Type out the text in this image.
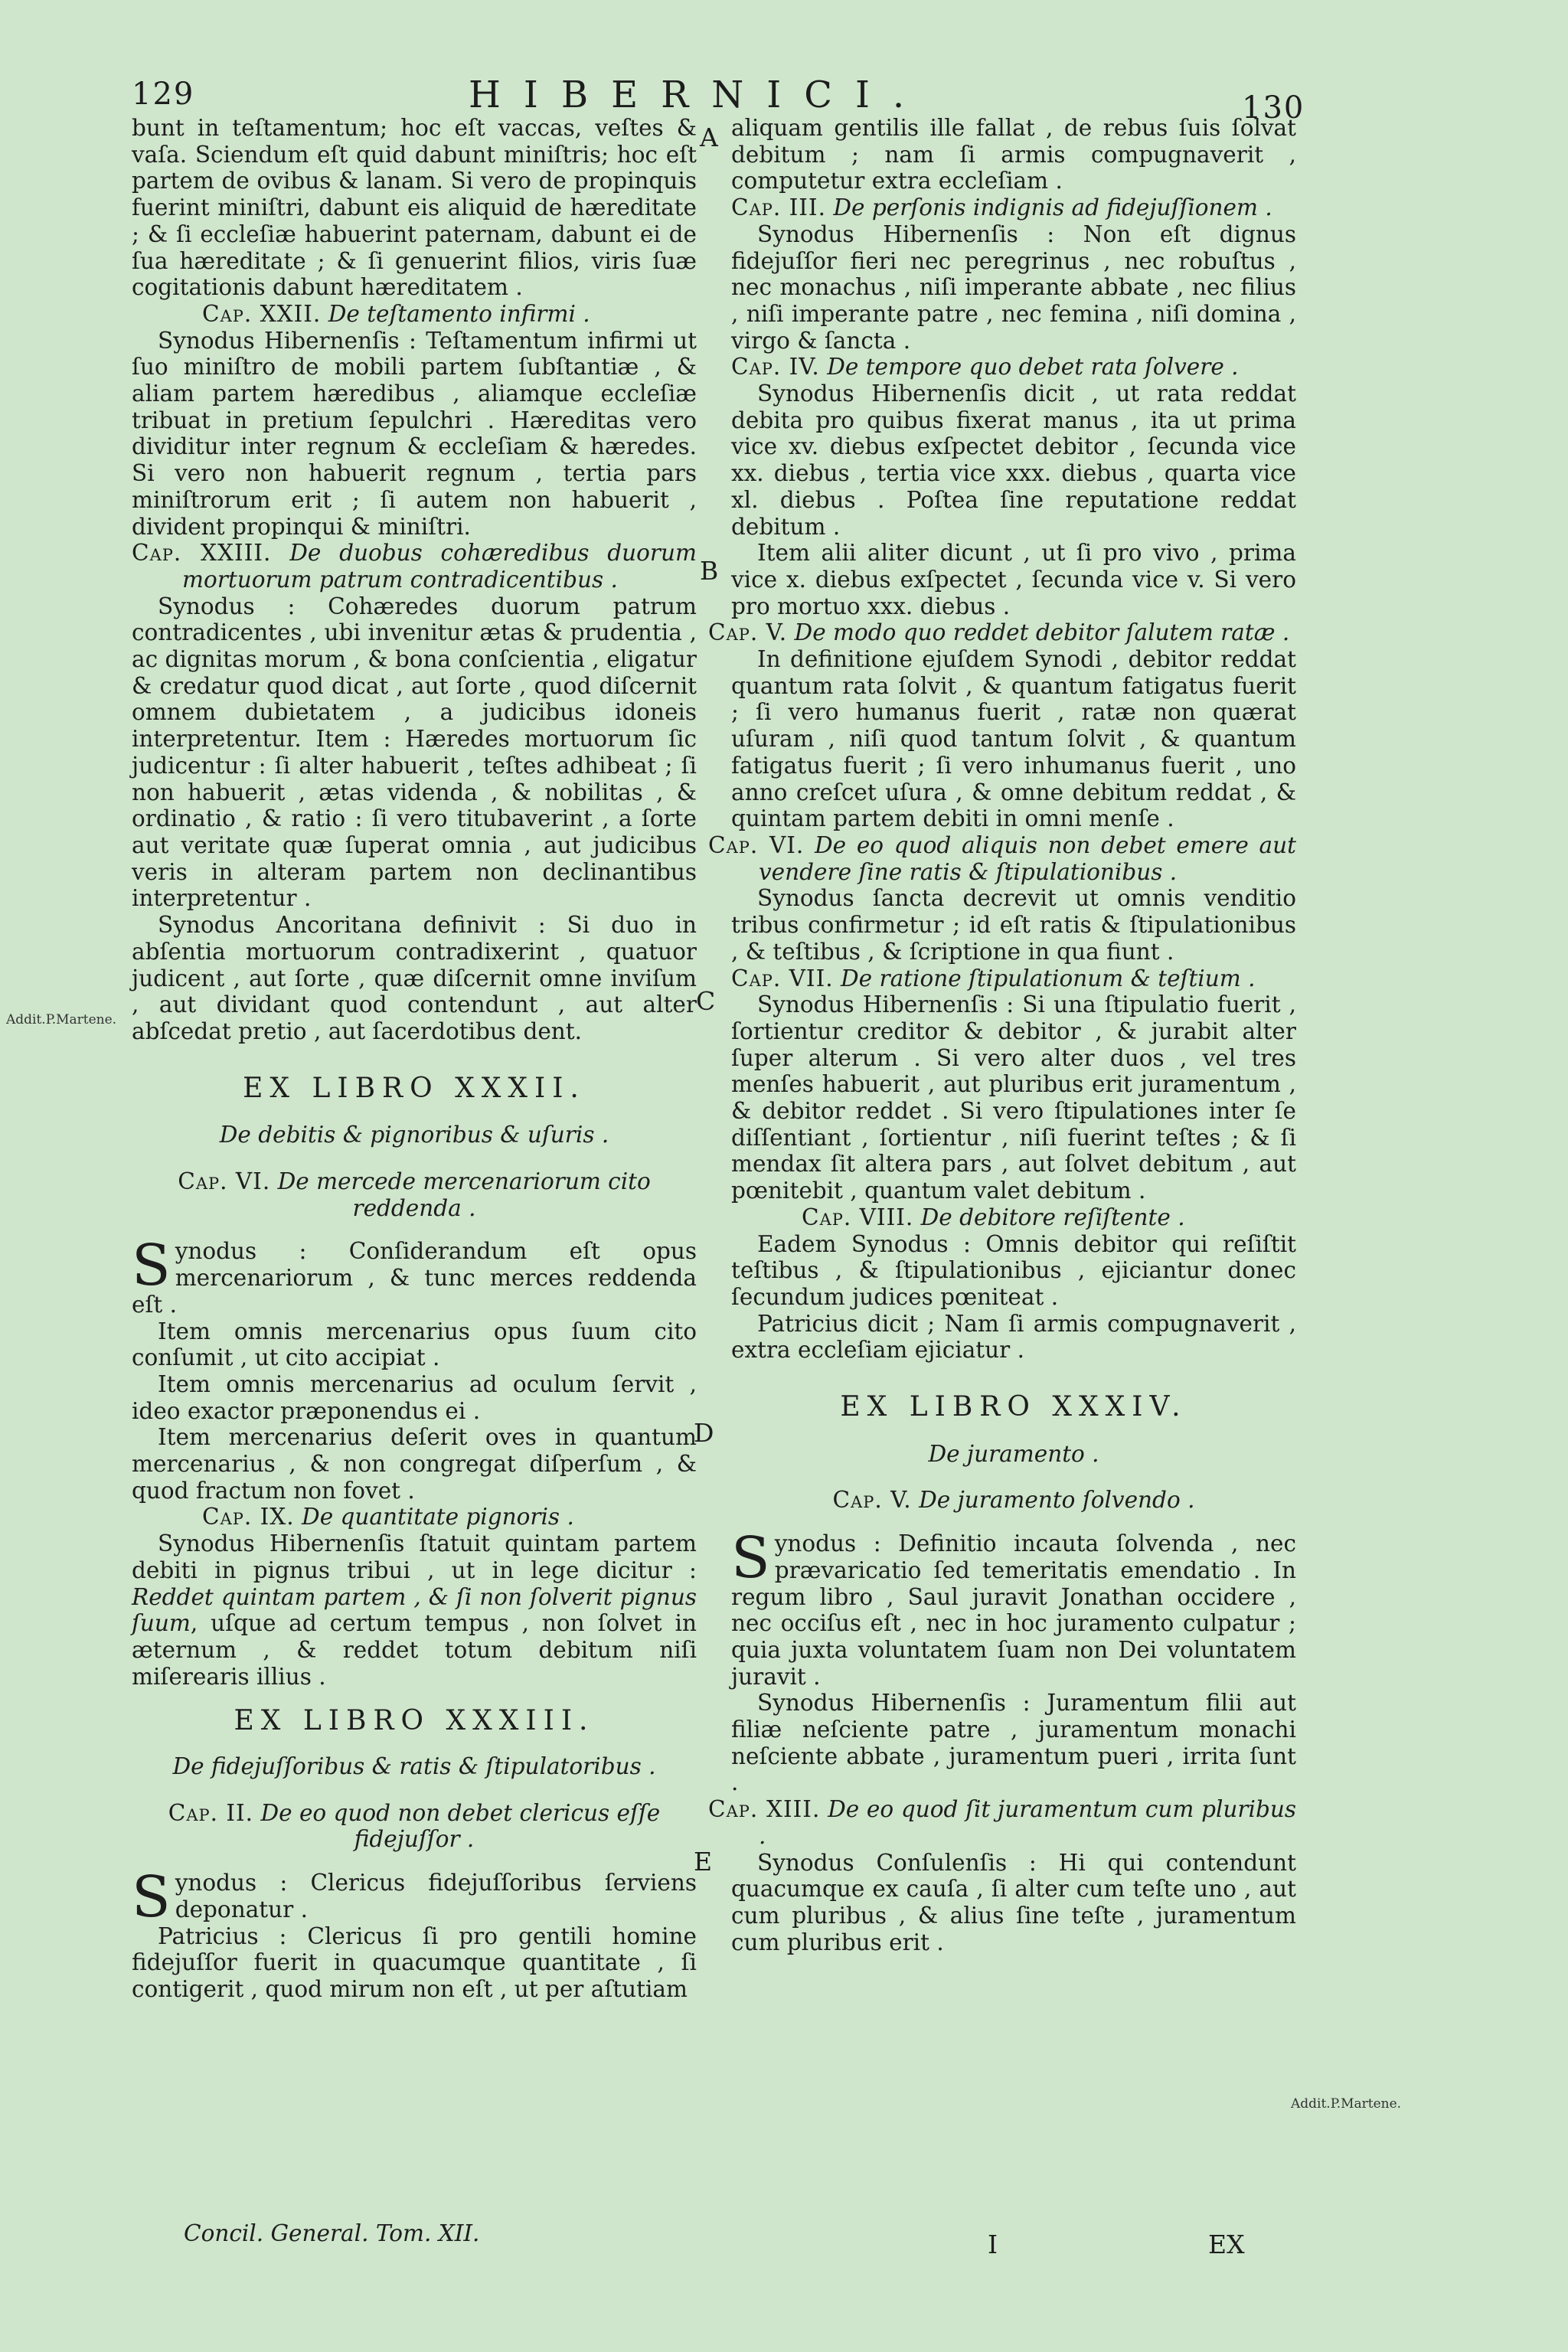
129	HIBERNICI.	130

bunt in teſtamentum; hoc eſt vaccas, veſtes & vaſa. Sciendum eſt quid dabunt miniſtris; hoc eſt partem de ovibus & lanam. Si vero de propinquis fuerint miniſtri, dabunt eis aliquid de hæreditate ; & ſi eccleſiæ habuerint paternam, dabunt ei de ſua hæreditate ; & ſi genuerint filios, viris ſuæ cogitationis dabunt hæreditatem .

Cap. XXII. De teſtamento infirmi .

Synodus Hibernenſis : Teſtamentum infirmi ut ſuo miniſtro de mobili partem ſubſtantiæ , & aliam partem hæredibus , aliamque eccleſiæ tribuat in pretium ſepulchri . Hæreditas vero dividitur inter regnum & eccleſiam & hæredes. Si vero non habuerit regnum , tertia pars miniſtrorum erit ; ſi autem non habuerit , divident propinqui & miniſtri.

Cap. XXIII. De duobus cohæredibus duorum mortuorum patrum contradicentibus .

Synodus : Cohæredes duorum patrum contradicentes , ubi invenitur ætas & prudentia , ac dignitas morum , & bona conſcientia , eligatur & credatur quod dicat , aut ſorte , quod diſcernit omnem dubietatem , a judicibus idoneis interpretentur. Item : Hæredes mortuorum ſic judicentur : ſi alter habuerit , teſtes adhibeat ; ſi non habuerit , ætas videnda , & nobilitas , & ordinatio , & ratio : ſi vero titubaverint , a ſorte aut veritate quæ ſuperat omnia , aut judicibus veris in alteram partem non declinantibus interpretentur .

Synodus Ancoritana definivit : Si duo in abſentia mortuorum contradixerint , quatuor judicent , aut ſorte , quæ diſcernit omne inviſum , aut dividant quod contendunt , aut alter abſcedat pretio , aut ſacerdotibus dent.

EX LIBRO XXXII.
De debitis & pignoribus & uſuris .
Cap. VI. De mercede mercenariorum cito reddenda .

Synodus : Conſiderandum eſt opus mercenariorum , & tunc merces reddenda eſt .

Item omnis mercenarius opus ſuum cito conſumit , ut cito accipiat .

Item omnis mercenarius ad oculum ſervit , ideo exactor præponendus ei .

Item mercenarius deſerit oves in quantum mercenarius , & non congregat diſperſum , & quod fractum non fovet .

Cap. IX. De quantitate pignoris .

Synodus Hibernenſis ſtatuit quintam partem debiti in pignus tribui , ut in lege dicitur : Reddet quintam partem , & ſi non ſolverit pignus ſuum, uſque ad certum tempus , non ſolvet in æternum , & reddet totum debitum niſi miſerearis illius .

EX LIBRO XXXIII.
De fidejuſſoribus & ratis & ſtipulatoribus .
Cap. II. De eo quod non debet clericus eſſe fidejuſſor .

Synodus : Clericus fidejuſſoribus ſerviens deponatur .

Patricius : Clericus ſi pro gentili homine fidejuſſor fuerit in quacumque quantitate , ſi contigerit , quod mirum non eſt , ut per aſtutiam

aliquam gentilis ille fallat , de rebus ſuis ſolvat debitum ; nam ſi armis compugnaverit , computetur extra eccleſiam .

Cap. III. De perſonis indignis ad fidejuſſionem .

Synodus Hibernenſis : Non eſt dignus fidejuſſor fieri nec peregrinus , nec robuſtus , nec monachus , niſi imperante abbate , nec filius , niſi imperante patre , nec femina , niſi domina , virgo & ſancta .

Cap. IV. De tempore quo debet rata ſolvere .

Synodus Hibernenſis dicit , ut rata reddat debita pro quibus fixerat manus , ita ut prima vice xv. diebus exſpectet debitor , ſecunda vice xx. diebus , tertia vice xxx. diebus , quarta vice xl. diebus . Poſtea ſine reputatione reddat debitum .

Item alii aliter dicunt , ut ſi pro vivo , prima vice x. diebus exſpectet , ſecunda vice v. Si vero pro mortuo xxx. diebus .

Cap. V. De modo quo reddet debitor ſalutem ratæ .

In definitione ejuſdem Synodi , debitor reddat quantum rata ſolvit , & quantum fatigatus fuerit ; ſi vero humanus fuerit , ratæ non quærat uſuram , niſi quod tantum ſolvit , & quantum fatigatus fuerit ; ſi vero inhumanus fuerit , uno anno creſcet uſura , & omne debitum reddat , & quintam partem debiti in omni menſe .

Cap. VI. De eo quod aliquis non debet emere aut vendere ſine ratis & ſtipulationibus .

Synodus ſancta decrevit ut omnis venditio tribus confirmetur ; id eſt ratis & ſtipulationibus , & teſtibus , & ſcriptione in qua fiunt .

Cap. VII. De ratione ſtipulationum & teſtium .

Synodus Hibernenſis : Si una ſtipulatio fuerit , ſortientur creditor & debitor , & jurabit alter ſuper alterum . Si vero alter duos , vel tres menſes habuerit , aut pluribus erit juramentum , & debitor reddet . Si vero ſtipulationes inter ſe diſſentiant , ſortientur , niſi fuerint teſtes ; & ſi mendax ſit altera pars , aut ſolvet debitum , aut pœnitebit , quantum valet debitum .

Cap. VIII. De debitore reſiſtente .

Eadem Synodus : Omnis debitor qui reſiſtit teſtibus , & ſtipulationibus , ejiciantur donec ſecundum judices pœniteat .

Patricius dicit ; Nam ſi armis compugnaverit , extra eccleſiam ejiciatur .

EX LIBRO XXXIV.
De juramento .
Cap. V. De juramento ſolvendo .

Synodus : Definitio incauta ſolvenda , nec prævaricatio ſed temeritatis emendatio . In regum libro , Saul juravit Jonathan occidere , nec occiſus eſt , nec in hoc juramento culpatur ; quia juxta voluntatem ſuam non Dei voluntatem juravit .

Synodus Hibernenſis : Juramentum filii aut filiæ neſciente patre , juramentum monachi neſciente abbate , juramentum pueri , irrita ſunt .

Cap. XIII. De eo quod ſit juramentum cum pluribus .

Synodus Conſulenſis : Hi qui contendunt quacumque ex cauſa , ſi alter cum teſte uno , aut cum pluribus , & alius ſine teſte , juramentum cum pluribus erit .

A
B
C
D
E
Addit.P.Martene.
Addit.P.Martene.
Concil. General. Tom. XII.	I	EX
